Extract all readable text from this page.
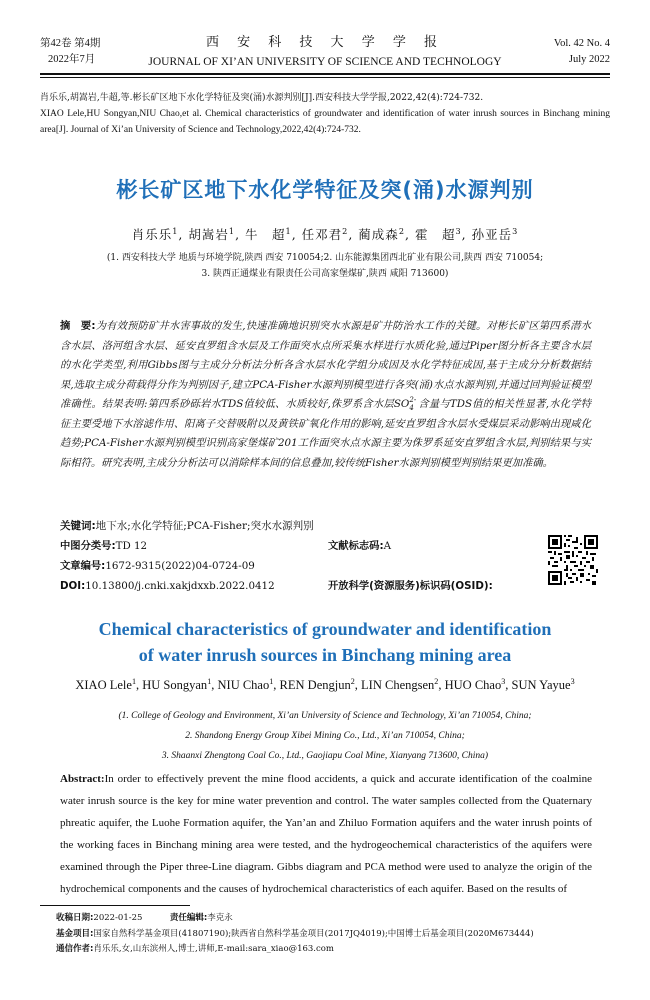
第42卷 第4期
2022年7月
西 安 科 技 大 学 学 报
JOURNAL OF XI’AN UNIVERSITY OF SCIENCE AND TECHNOLOGY
Vol. 42 No. 4
July 2022
肖乐乐,胡嵩岩,牛超,等.彬长矿区地下水化学特征及突(涌)水源判别[J].西安科技大学学报,2022,42(4):724-732.
XIAO Lele,HU Songyan,NIU Chao,et al. Chemical characteristics of groundwater and identification of water inrush sources in Binchang mining area[J]. Journal of Xi’an University of Science and Technology,2022,42(4):724-732.
彬长矿区地下水化学特征及突(涌)水源判别
肖乐乐$^1$, 胡嵩岩$^1$, 牛　超$^1$, 任邓君$^2$, 蔺成森$^2$, 霍　超$^3$, 孙亚岳$^3$
(1. 西安科技大学 地质与环境学院,陕西 西安 710054;2. 山东能源集团西北矿业有限公司,陕西 西安 710054;
3. 陕西正通煤业有限责任公司高家堡煤矿,陕西 咸阳 713600)
摘　要:为有效预防矿井水害事故的发生,快速准确地识别突水水源是矿井防治水工作的关键。对彬长矿区第四系潜水含水层、洛河组含水层、延安直罗组含水层及工作面突水点所采集水样进行水质化验,通过Piper图分析各主要含水层的水化学类型,利用Gibbs图与主成分分析法分析各含水层水化学组分成因及水化学特征成因,基于主成分分析数据结果,选取主成分荷载得分作为判别因子,建立PCA-Fisher水源判别模型进行各突(涌)水点水源判别,并通过回判验证模型准确性。结果表明:第四系砂砾岩水TDS值较低、水质较好,侏罗系含水层SO 2-
4 含量与TDS值的相关性显著,水化学特征主要受地下水溶滤作用、阳离子交替吸附以及黄铁矿氧化作用的影响,延安直罗组含水层水受煤层采动影响出现咸化趋势;PCA-Fisher水源判别模型识别高家堡煤矿201工作面突水点水源主要为侏罗系延安直罗组含水层,判别结果与实际相符。研究表明,主成分分析法可以消除样本间的信息叠加,较传统Fisher水源判别模型判别结果更加准确。
关键词:地下水;水化学特征;PCA-Fisher;突水水源判别
中图分类号:TD 12	文献标志码:A
文章编号:1672-9315(2022)04-0724-09
DOI:10.13800/j.cnki.xakjdxxb.2022.0412	开放科学(资源服务)标识码(OSID):
Chemical characteristics of groundwater and identification
of water inrush sources in Binchang mining area
XIAO Lele$^1$, HU Songyan$^1$, NIU Chao$^1$, REN Dengjun$^2$, LIN Chengsen$^2$, HUO Chao$^3$, SUN Yayue$^3$
(1. College of Geology and Environment, Xi’an University of Science and Technology, Xi’an 710054, China;
2. Shandong Energy Group Xibei Mining Co., Ltd., Xi’an 710054, China;
3. Shaanxi Zhengtong Coal Co., Ltd., Gaojiapu Coal Mine, Xianyang 713600, China)
Abstract:In order to effectively prevent the mine flood accidents, a quick and accurate identification of the coalmine water inrush source is the key for mine water prevention and control. The water samples collected from the Quaternary phreatic aquifer, the Luohe Formation aquifer, the Yan’an and Zhiluo Formation aquifers and the water inrush points of the working faces in Binchang mining area were tested, and the hydrogeochemical characteristics of the aquifers were examined through the Piper three-Line diagram. Gibbs diagram and PCA method were used to analyze the origin of the hydrochemical components and the causes of hydrochemical characteristics of each aquifer. Based on the results of
收稿日期:2022-01-25	责任编辑:李克永
基金项目:国家自然科学基金项目(41807190);陕西省自然科学基金项目(2017JQ4019);中国博士后基金项目(2020M673444)
通信作者:肖乐乐,女,山东滨州人,博士,讲师,E-mail:sara_xiao@163.com
